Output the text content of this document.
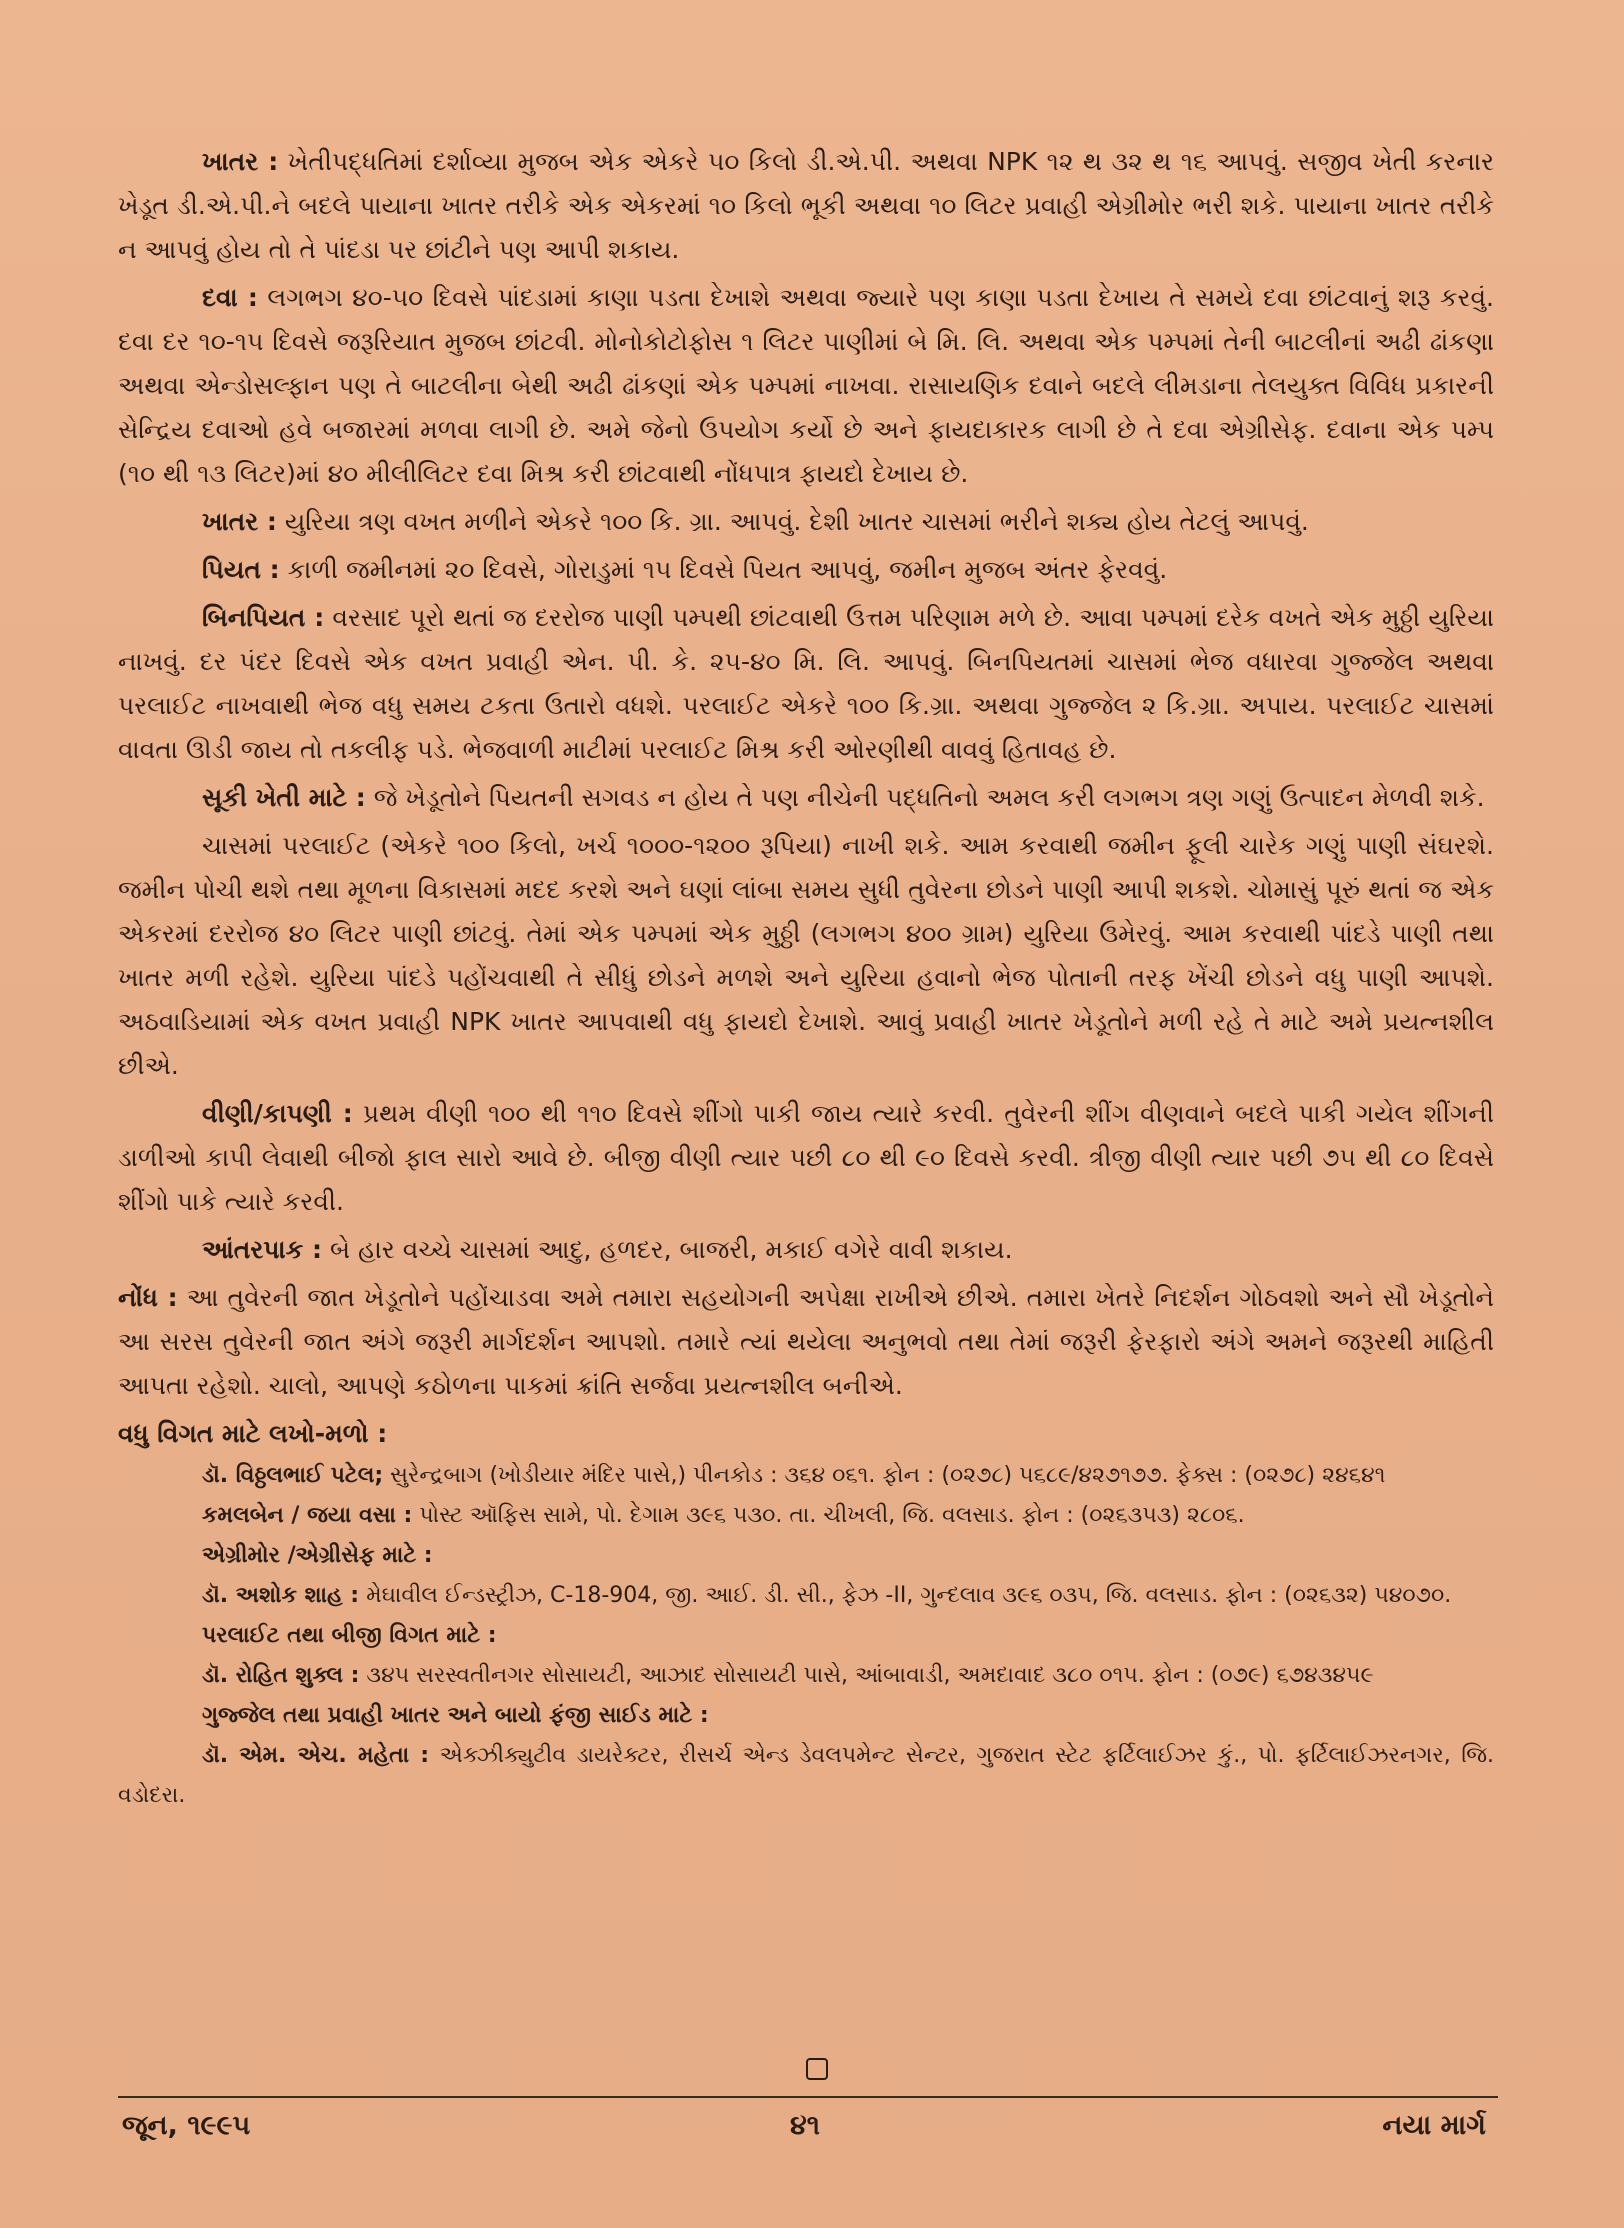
ખાતર : ખેતીપદ્ધતિમાં દર્શાવ્યા મુજબ એક એકરે ૫૦ કિલો ડી.એ.પી. અથવા NPK ૧૨ થ ૩૨ થ ૧૬ આપવું. સજીવ ખેતી કરનાર ખેડૂત ડી.એ.પી.ને બદલે પાયાના ખાતર તરીકે એક એકરમાં ૧૦ કિલો ભૂકી અથવા ૧૦ લિટર પ્રવાહી એગ્રીમોર ભરી શકે. પાયાના ખાતર તરીકે ન આપવું હોય તો તે પાંદડા પર છાંટીને પણ આપી શકાય.

દવા : લગભગ ૪૦-૫૦ દિવસે પાંદડામાં કાણા પડતા દેખાશે અથવા જ્યારે પણ કાણા પડતા દેખાય તે સમયે દવા છાંટવાનું શરૂ કરવું. દવા દર ૧૦-૧૫ દિવસે જરૂરિયાત મુજબ છાંટવી. મોનોકોટોફોસ ૧ લિટર પાણીમાં બે મિ. લિ. અથવા એક પમ્પમાં તેની બાટલીનાં અઢી ઢાંકણા અથવા એન્ડોસલ્ફાન પણ તે બાટલીના બેથી અઢી ઢાંકણાં એક પમ્પમાં નાખવા. રાસાયણિક દવાને બદલે લીમડાના તેલયુક્ત વિવિધ પ્રકારની સેન્દ્રિય દવાઓ હવે બજારમાં મળવા લાગી છે. અમે જેનો ઉપયોગ કર્યો છે અને ફાયદાકારક લાગી છે તે દવા એગ્રીસેફ. દવાના એક પમ્પ (૧૦ થી ૧૩ લિટર)માં ૪૦ મીલીલિટર દવા મિશ્ર કરી છાંટવાથી નોંધપાત્ર ફાયદો દેખાય છે.

ખાતર : યુરિયા ત્રણ વખત મળીને એકરે ૧૦૦ કિ. ગ્રા. આપવું. દેશી ખાતર ચાસમાં ભરીને શક્ય હોય તેટલું આપવું.

પિયત : કાળી જમીનમાં ૨૦ દિવસે, ગોરાડુમાં ૧૫ દિવસે પિયત આપવું, જમીન મુજબ અંતર ફેરવવું.

બિનપિયત : વરસાદ પૂરો થતાં જ દરરોજ પાણી પમ્પથી છાંટવાથી ઉત્તમ પરિણામ મળે છે. આવા પમ્પમાં દરેક વખતે એક મુઠ્ઠી યુરિયા નાખવું. દર પંદર દિવસે એક વખત પ્રવાહી એન. પી. કે. ૨૫-૪૦ મિ. લિ. આપવું. બિનપિયતમાં ચાસમાં ભેજ વધારવા ગુજ્જેલ અથવા પરલાઈટ નાખવાથી ભેજ વધુ સમય ટકતા ઉતારો વધશે. પરલાઈટ એકરે ૧૦૦ કિ.ગ્રા. અથવા ગુજ્જેલ ૨ કિ.ગ્રા. અપાય. પરલાઈટ ચાસમાં વાવતા ઊડી જાય તો તકલીફ પડે. ભેજવાળી માટીમાં પરલાઈટ મિશ્ર કરી ઓરણીથી વાવવું હિતાવહ છે.

સૂકી ખેતી માટે : જે ખેડૂતોને પિયતની સગવડ ન હોય તે પણ નીચેની પદ્ધતિનો અમલ કરી લગભગ ત્રણ ગણું ઉત્પાદન મેળવી શકે.

ચાસમાં પરલાઈટ (એકરે ૧૦૦ કિલો, ખર્ચ ૧૦૦૦-૧૨૦૦ રૂપિયા) નાખી શકે. આમ કરવાથી જમીન ફૂલી ચારેક ગણું પાણી સંઘરશે. જમીન પોચી થશે તથા મૂળના વિકાસમાં મદદ કરશે અને ઘણાં લાંબા સમય સુધી તુવેરના છોડને પાણી આપી શકશે. ચોમાસું પૂરું થતાં જ એક એકરમાં દરરોજ ૪૦ લિટર પાણી છાંટવું. તેમાં એક પમ્પમાં એક મુઠ્ઠી (લગભગ ૪૦૦ ગ્રામ) યુરિયા ઉમેરવું. આમ કરવાથી પાંદડે પાણી તથા ખાતર મળી રહેશે. યુરિયા પાંદડે પહોંચવાથી તે સીધું છોડને મળશે અને યુરિયા હવાનો ભેજ પોતાની તરફ ખેંચી છોડને વધુ પાણી આપશે. અઠવાડિયામાં એક વખત પ્રવાહી NPK ખાતર આપવાથી વધુ ફાયદો દેખાશે. આવું પ્રવાહી ખાતર ખેડૂતોને મળી રહે તે માટે અમે પ્રયત્નશીલ છીએ.

વીણી/કાપણી : પ્રથમ વીણી ૧૦૦ થી ૧૧૦ દિવસે શીંગો પાકી જાય ત્યારે કરવી. તુવેરની શીંગ વીણવાને બદલે પાકી ગયેલ શીંગની ડાળીઓ કાપી લેવાથી બીજો ફાલ સારો આવે છે. બીજી વીણી ત્યાર પછી ૮૦ થી ૯૦ દિવસે કરવી. ત્રીજી વીણી ત્યાર પછી ૭૫ થી ૮૦ દિવસે શીંગો પાકે ત્યારે કરવી.

આંતરપાક : બે હાર વચ્ચે ચાસમાં આદુ, હળદર, બાજરી, મકાઈ વગેરે વાવી શકાય.

નોંધ : આ તુવેરની જાત ખેડૂતોને પહોંચાડવા અમે તમારા સહયોગની અપેક્ષા રાખીએ છીએ. તમારા ખેતરે નિદર્શન ગોઠવશો અને સૌ ખેડૂતોને આ સરસ તુવેરની જાત અંગે જરૂરી માર્ગદર્શન આપશો. તમારે ત્યાં થયેલા અનુભવો તથા તેમાં જરૂરી ફેરફારો અંગે અમને જરૂરથી માહિતી આપતા રહેશો. ચાલો, આપણે કઠોળના પાકમાં ક્રાંતિ સર્જવા પ્રયત્નશીલ બનીએ.

વધુ વિગત માટે લખો-મળો :

ડૉ. વિઠ્ઠલભાઈ પટેલ; સુરેન્દ્રબાગ (ખોડીયાર મંદિર પાસે,) પીનકોડ : ૩૬૪ ૦૬૧. ફોન : (૦૨૭૮) ૫૬૮૯/૪૨૭૧૭૭. ફેક્સ : (૦૨૭૮) ૨૪૬૪૧

કમલબેન / જયા વસા : પોસ્ટ ઑફિસ સામે, પો. દેગામ ૩૯૬ ૫૩૦. તા. ચીખલી, જિ. વલસાડ. ફોન : (૦૨૬૩૫૩) ૨૮૦૬.

એગ્રીમોર /એગ્રીસેફ માટે :

ડૉ. અશોક શાહ : મેઘાવીલ ઈન્ડસ્ટ્રીઝ, C-18-904, જી. આઈ. ડી. સી., ફેઝ -II, ગુન્દલાવ ૩૯૬ ૦૩૫, જિ. વલસાડ. ફોન : (૦૨૬૩૨) ૫૪૦૭૦.

પરલાઈટ તથા બીજી વિગત માટે :

ડૉ. રોહિત શુક્લ : ૩૪૫ સરસ્વતીનગર સોસાયટી, આઝાદ સોસાયટી પાસે, આંબાવાડી, અમદાવાદ ૩૮૦ ૦૧૫. ફોન : (૦૭૯) ૬૭૪૩૪૫૯

ગુજ્જેલ તથા પ્રવાહી ખાતર અને બાયો ફંજી સાઈડ માટે :

ડૉ. એમ. એચ. મહેતા : એક્ઝીક્યુટીવ ડાયરેક્ટર, રીસર્ચ એન્ડ ડેવલપમેન્ટ સેન્ટર, ગુજરાત સ્ટેટ ફર્ટિલાઈઝર કું., પો. ફર્ટિલાઈઝરનગર, જિ. વડોદરા.

જૂન, ૧૯૯૫	૪૧	નયા માર્ગ
